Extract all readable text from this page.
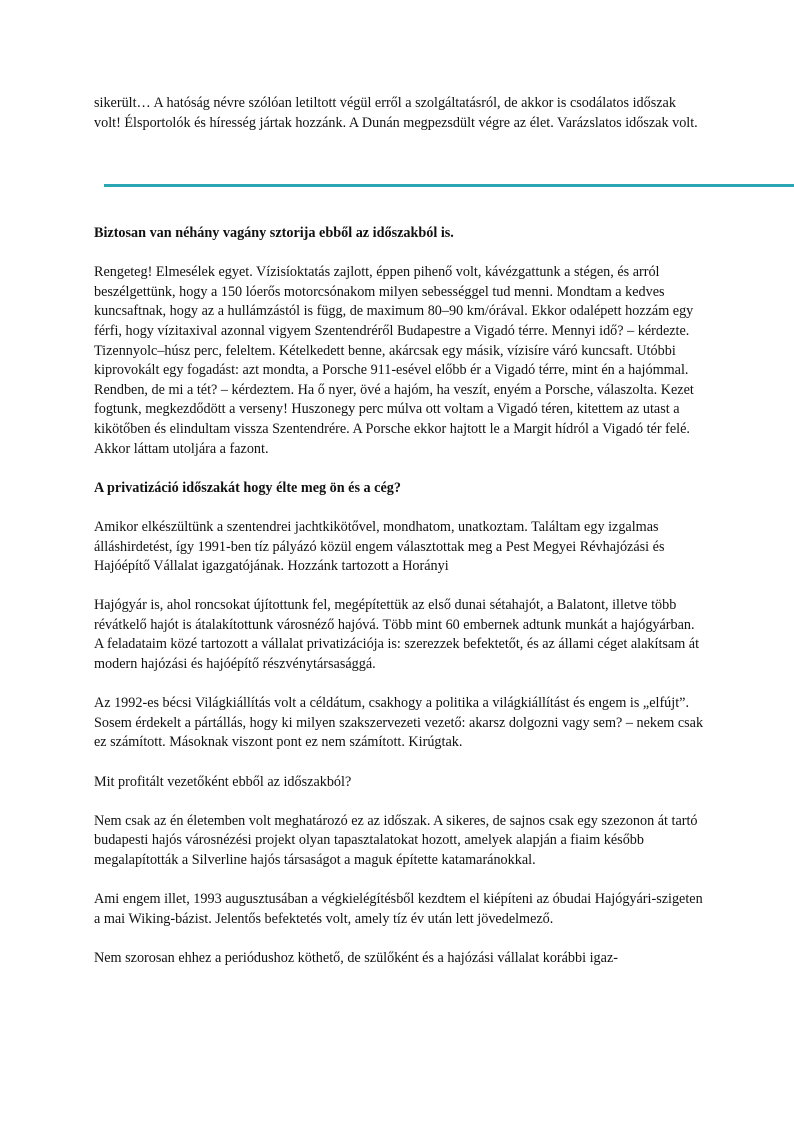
sikerült… A hatóság névre szólóan letiltott végül erről a szolgáltatásról, de akkor is csodálatos időszak volt! Élsportolók és híresség jártak hozzánk. A Dunán megpezsdült végre az élet. Varázslatos időszak volt.
Biztosan van néhány vagány sztorija ebből az időszakból is.

Rengeteg! Elmesélek egyet. Vízisíoktatás zajlott, éppen pihenő volt, kávézgattunk a stégen, és arról beszélgettünk, hogy a 150 lóerős motorcsónakom milyen sebességgel tud menni. Mondtam a kedves kuncsaftnak, hogy az a hullámzástól is függ, de maximum 80–90 km/órával. Ekkor odalépett hozzám egy férfi, hogy vízitaxival azonnal vigyem Szentendréről Budapestre a Vigadó térre. Mennyi idő? – kérdezte. Tizennyolc–húsz perc, feleltem. Kételkedett benne, akárcsak egy másik, vízisíre váró kuncsaft. Utóbbi kiprovokált egy fogadást: azt mondta, a Porsche 911-esével előbb ér a Vigadó térre, mint én a hajómmal. Rendben, de mi a tét? – kérdeztem. Ha ő nyer, övé a hajóm, ha veszít, enyém a Porsche, válaszolta. Kezet fogtunk, megkezdődött a verseny! Huszonegy perc múlva ott voltam a Vigadó téren, kitettem az utast a kikötőben és elindultam vissza Szentendrére. A Porsche ekkor hajtott le a Margit hídról a Vigadó tér felé. Akkor láttam utoljára a fazont.

A privatizáció időszakát hogy élte meg ön és a cég?

Amikor elkészültünk a szentendrei jachtkikötővel, mondhatom, unatkoztam. Találtam egy izgalmas álláshirdetést, így 1991-ben tíz pályázó közül engem választottak meg a Pest Megyei Révhajózási és Hajóépítő Vállalat igazgatójának. Hozzánk tartozott a Horányi

Hajógyár is, ahol roncsokat újítottunk fel, megépítettük az első dunai sétahajót, a Balatont, illetve több révátkelő hajót is átalakítottunk városnéző hajóvá. Több mint 60 embernek adtunk munkát a hajógyárban. A feladataim közé tartozott a vállalat privatizációja is: szerezzek befektetőt, és az állami céget alakítsam át modern hajózási és hajóépítő részvénytársasággá.

Az 1992-es bécsi Világkiállítás volt a céldátum, csakhogy a politika a világkiállítást és engem is „elfújt”. Sosem érdekelt a pártállás, hogy ki milyen szakszervezeti vezető: akarsz dolgozni vagy sem? – nekem csak ez számított. Másoknak viszont pont ez nem számított. Kirúgtak.

Mit profitált vezetőként ebből az időszakból?

Nem csak az én életemben volt meghatározó ez az időszak. A sikeres, de sajnos csak egy szezonon át tartó budapesti hajós városnézési projekt olyan tapasztalatokat hozott, amelyek alapján a fiaim később megalapították a Silverline hajós társaságot a maguk építette katamaránokkal.

Ami engem illet, 1993 augusztusában a végkielégítésből kezdtem el kiépíteni az óbudai Hajógyári-szigeten a mai Wiking-bázist. Jelentős befektetés volt, amely tíz év után lett jövedelmező.

Nem szorosan ehhez a periódushoz köthető, de szülőként és a hajózási vállalat korábbi igaz-
